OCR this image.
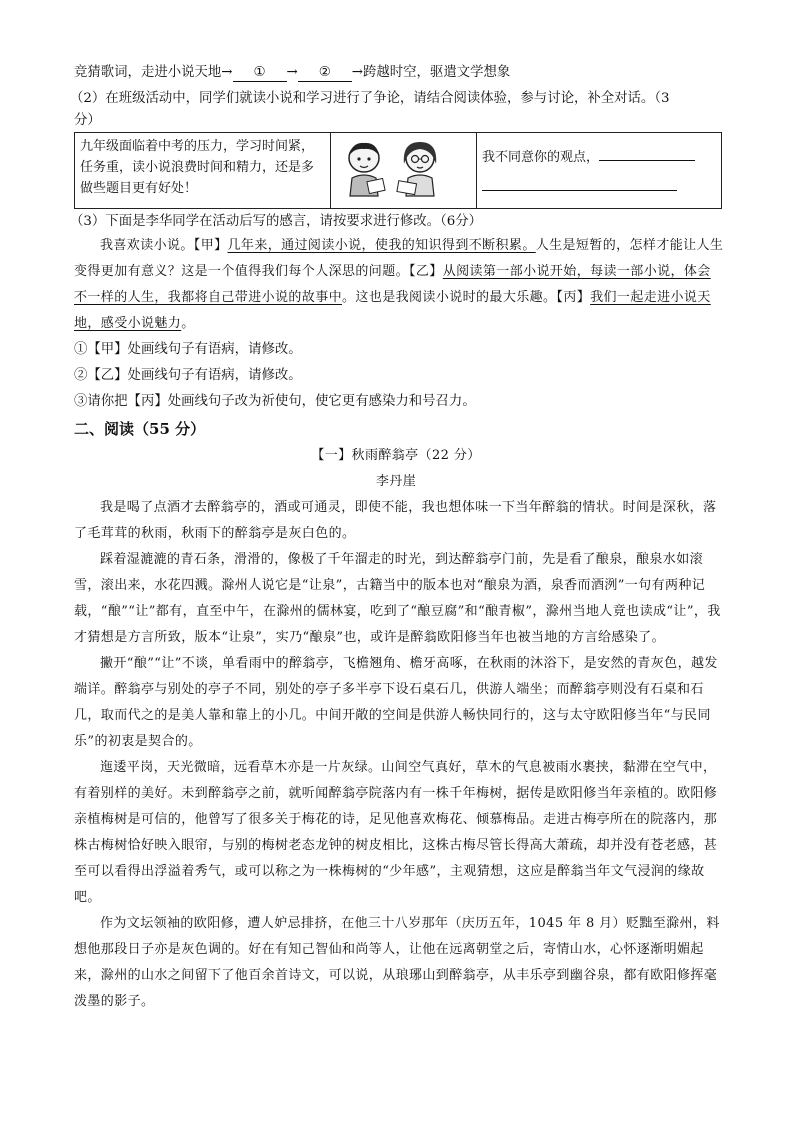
竞猜歌词，走进小说天地→ ① → ② →跨越时空，驱遣文学想象
（2）在班级活动中，同学们就读小说和学习进行了争论，请结合阅读体验，参与讨论，补全对话。（3
分）
九年级面临着中考的压力，学习时间紧，任务重，读小说浪费时间和精力，还是多做些题目更有好处！		我不同意你的观点，
（3）下面是李华同学在活动后写的感言，请按要求进行修改。（6分）
我喜欢读小说。【甲】几年来，通过阅读小说，使我的知识得到不断积累。人生是短暂的，怎样才能让人生变得更加有意义？这是一个值得我们每个人深思的问题。【乙】从阅读第一部小说开始，每读一部小说，体会不一样的人生，我都将自己带进小说的故事中。这也是我阅读小说时的最大乐趣。【丙】我们一起走进小说天地，感受小说魅力。
①【甲】处画线句子有语病，请修改。
②【乙】处画线句子有语病，请修改。
③请你把【丙】处画线句子改为祈使句，使它更有感染力和号召力。
二、阅读（55 分）
【一】秋雨醉翁亭（22 分）
李丹崖
我是喝了点酒才去醉翁亭的，酒或可通灵，即使不能，我也想体味一下当年醉翁的情状。时间是深秋，落了毛茸茸的秋雨，秋雨下的醉翁亭是灰白色的。
踩着湿漉漉的青石条，滑滑的，像极了千年溜走的时光，到达醉翁亭门前，先是看了酿泉，酿泉水如滚雪，滚出来，水花四溅。滁州人说它是“让泉”，古籍当中的版本也对“酿泉为酒，泉香而酒洌”一句有两种记载，“酿”“让”都有，直至中午，在滁州的儒林宴，吃到了“酿豆腐”和“酿青椒”，滁州当地人竟也读成“让”，我才猜想是方言所致，版本“让泉”，实乃“酿泉”也，或许是醉翁欧阳修当年也被当地的方言给感染了。
撇开“酿”“让”不谈，单看雨中的醉翁亭，飞檐翘角、檐牙高啄，在秋雨的沐浴下，是安然的青灰色，越发端详。醉翁亭与别处的亭子不同，别处的亭子多半亭下设石桌石几，供游人端坐；而醉翁亭则没有石桌和石几，取而代之的是美人靠和靠上的小几。中间开敞的空间是供游人畅快同行的，这与太守欧阳修当年“与民同乐”的初衷是契合的。
迤逶平岗，天光微暗，远看草木亦是一片灰绿。山间空气真好，草木的气息被雨水裹挟，黏滞在空气中，有着别样的美好。未到醉翁亭之前，就听闻醉翁亭院落内有一株千年梅树，据传是欧阳修当年亲植的。欧阳修亲植梅树是可信的，他曾写了很多关于梅花的诗，足见他喜欢梅花、倾慕梅品。走进古梅亭所在的院落内，那株古梅树恰好映入眼帘，与别的梅树老态龙钟的树皮相比，这株古梅尽管长得高大萧疏，却并没有苍老感，甚至可以看得出浮溢着秀气，或可以称之为一株梅树的“少年感”，主观猜想，这应是醉翁当年文气浸润的缘故吧。
作为文坛领袖的欧阳修，遭人妒忌排挤，在他三十八岁那年（庆历五年，1045 年 8 月）贬黜至滁州，料想他那段日子亦是灰色调的。好在有知己智仙和尚等人，让他在远离朝堂之后，寄情山水，心怀逐渐明媚起来，滁州的山水之间留下了他百余首诗文，可以说，从琅琊山到醉翁亭，从丰乐亭到幽谷泉，都有欧阳修挥毫泼墨的影子。
